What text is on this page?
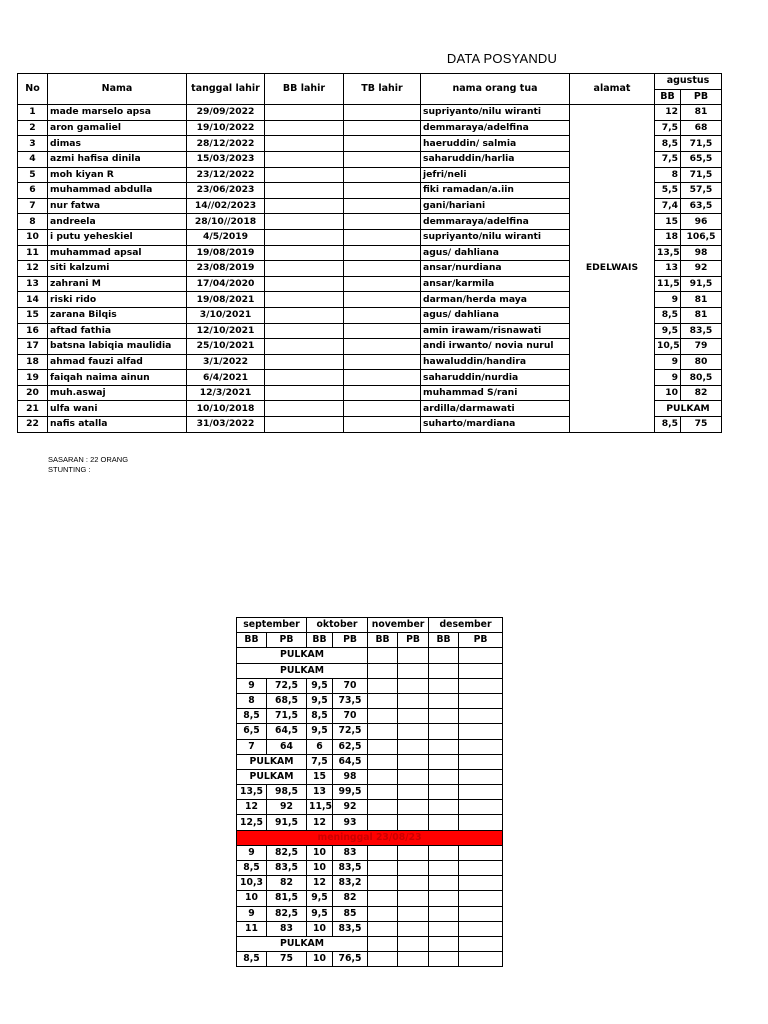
DATA POSYANDU
No	Nama	tanggal lahir	BB lahir	TB lahir	nama orang tua	alamat	agustus	
							BB	PB
1	made marselo apsa	29/09/2022			supriyanto/nilu wiranti	EDELWAIS	12	81
2	aron gamaliel	19/10/2022			demmaraya/adelfina		7,5	68
3	dimas	28/12/2022			haeruddin/ salmia		8,5	71,5
4	azmi hafisa dinila	15/03/2023			saharuddin/harlia		7,5	65,5
5	moh kiyan R	23/12/2022			jefri/neli		8	71,5
6	muhammad abdulla	23/06/2023			fiki ramadan/a.iin		5,5	57,5
7	nur fatwa	14//02/2023			gani/hariani		7,4	63,5
8	andreela	28/10//2018			demmaraya/adelfina		15	96
10	i putu yeheskiel	4/5/2019			supriyanto/nilu wiranti		18	106,5
11	muhammad apsal	19/08/2019			agus/ dahliana		13,5	98
12	siti kalzumi	23/08/2019			ansar/nurdiana		13	92
13	zahrani M	17/04/2020			ansar/karmila		11,5	91,5
14	riski rido	19/08/2021			darman/herda maya		9	81
15	zarana Bilqis	3/10/2021			agus/ dahliana		8,5	81
16	aftad fathia	12/10/2021			amin irawam/risnawati		9,5	83,5
17	batsna labiqia maulidia	25/10/2021			andi irwanto/ novia nurul		10,5	79
18	ahmad fauzi alfad	3/1/2022			hawaluddin/handira		9	80
19	faiqah naima ainun	6/4/2021			saharuddin/nurdia		9	80,5
20	muh.aswaj	12/3/2021			muhammad S/rani		10	82
21	ulfa wani	10/10/2018			ardilla/darmawati		PULKAM	
22	nafis atalla	31/03/2022			suharto/mardiana		8,5	75
SASARAN : 22 ORANG
STUNTING :
september		oktober		november		desember	
BB	PB	BB	PB	BB	PB	BB	PB
PULKAM							
PULKAM							
9	72,5	9,5	70				
8	68,5	9,5	73,5				
8,5	71,5	8,5	70				
6,5	64,5	9,5	72,5				
7	64	6	62,5				
PULKAM		7,5	64,5				
PULKAM		15	98				
13,5	98,5	13	99,5				
12	92	11,5	92				
12,5	91,5	12	93				
meninggal 23/08/23							
9	82,5	10	83				
8,5	83,5	10	83,5				
10,3	82	12	83,2				
10	81,5	9,5	82				
9	82,5	9,5	85				
11	83	10	83,5				
PULKAM							
8,5	75	10	76,5				
